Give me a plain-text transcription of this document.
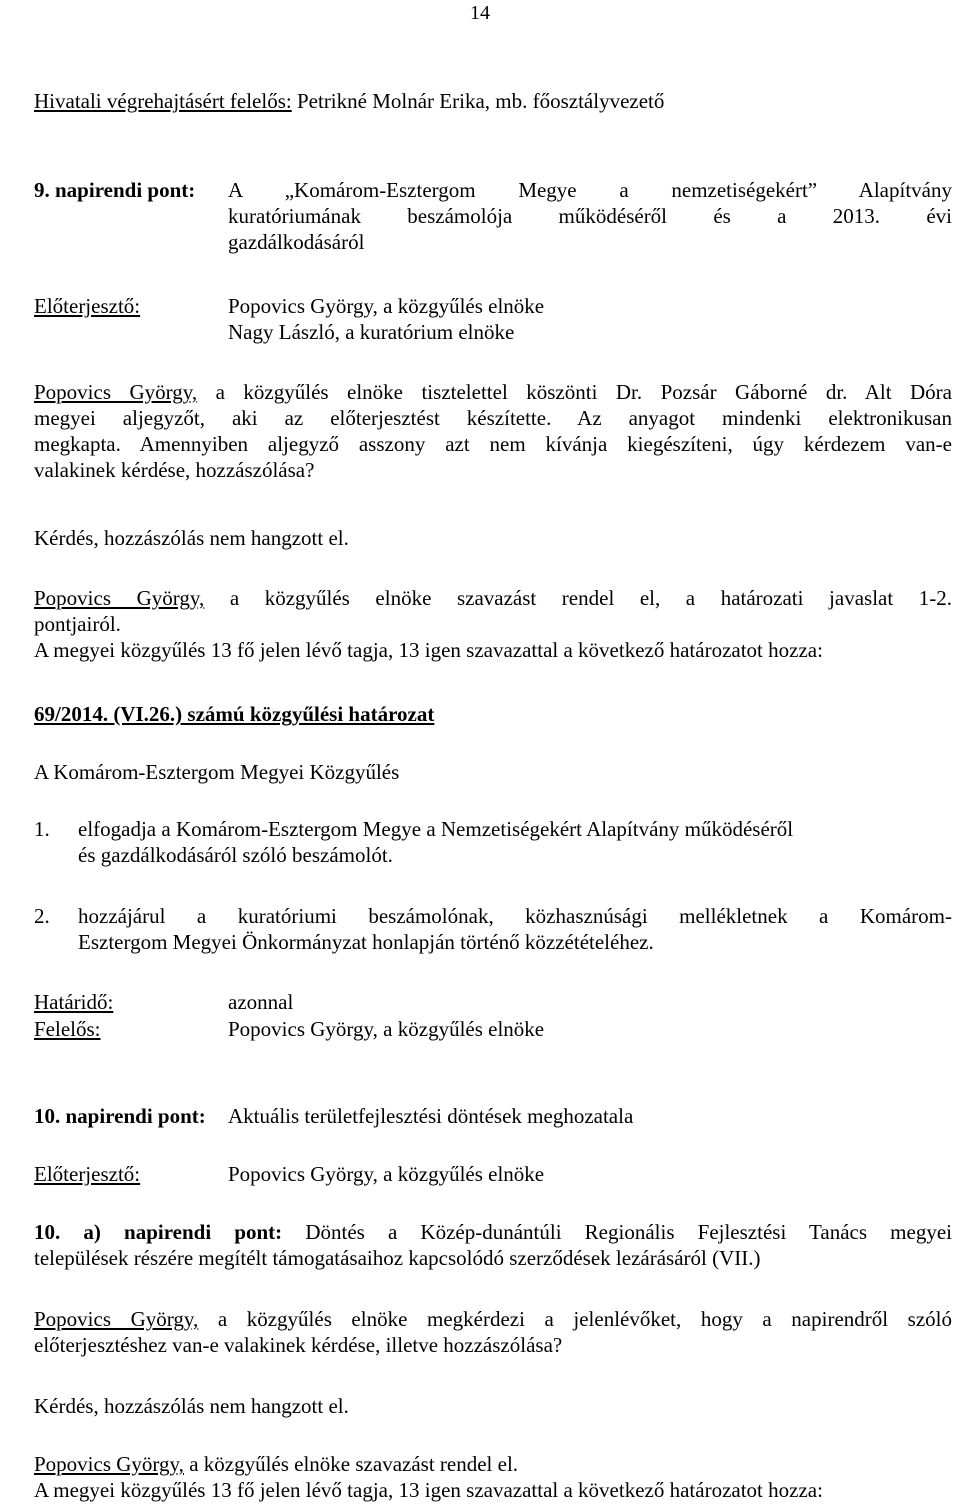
14
Hivatali végrehajtásért felelős: Petrikné Molnár Erika, mb. főosztályvezető
9. napirendi pont: A „Komárom-Esztergom Megye a nemzetiségekért” Alapítvány
kuratóriumának beszámolója működéséről és a 2013. évi
gazdálkodásáról
Előterjesztő:	Popovics György, a közgyűlés elnöke
Nagy László, a kuratórium elnöke
Popovics György, a közgyűlés elnöke tisztelettel köszönti Dr. Pozsár Gáborné dr. Alt Dóra
megyei aljegyzőt, aki az előterjesztést készítette. Az anyagot mindenki elektronikusan
megkapta. Amennyiben aljegyző asszony azt nem kívánja kiegészíteni, úgy kérdezem van-e
valakinek kérdése, hozzászólása?
Kérdés, hozzászólás nem hangzott el.
Popovics György, a közgyűlés elnöke szavazást rendel el, a határozati javaslat 1-2.
pontjairól.
A megyei közgyűlés 13 fő jelen lévő tagja, 13 igen szavazattal a következő határozatot hozza:
69/2014. (VI.26.) számú közgyűlési határozat
A Komárom-Esztergom Megyei Közgyűlés
1. elfogadja a Komárom-Esztergom Megye a Nemzetiségekért Alapítvány működéséről
és gazdálkodásáról szóló beszámolót.
2. hozzájárul a kuratóriumi beszámolónak, közhasznúsági mellékletnek a Komárom-
Esztergom Megyei Önkormányzat honlapján történő közzétételéhez.
Határidő:	azonnal
Felelős:	Popovics György, a közgyűlés elnöke
10. napirendi pont: Aktuális területfejlesztési döntések meghozatala
Előterjesztő:	Popovics György, a közgyűlés elnöke
10. a) napirendi pont: Döntés a Közép-dunántúli Regionális Fejlesztési Tanács megyei
települések részére megítélt támogatásaihoz kapcsolódó szerződések lezárásáról (VII.)
Popovics György, a közgyűlés elnöke megkérdezi a jelenlévőket, hogy a napirendről szóló
előterjesztéshez van-e valakinek kérdése, illetve hozzászólása?
Kérdés, hozzászólás nem hangzott el.
Popovics György, a közgyűlés elnöke szavazást rendel el.
A megyei közgyűlés 13 fő jelen lévő tagja, 13 igen szavazattal a következő határozatot hozza:
